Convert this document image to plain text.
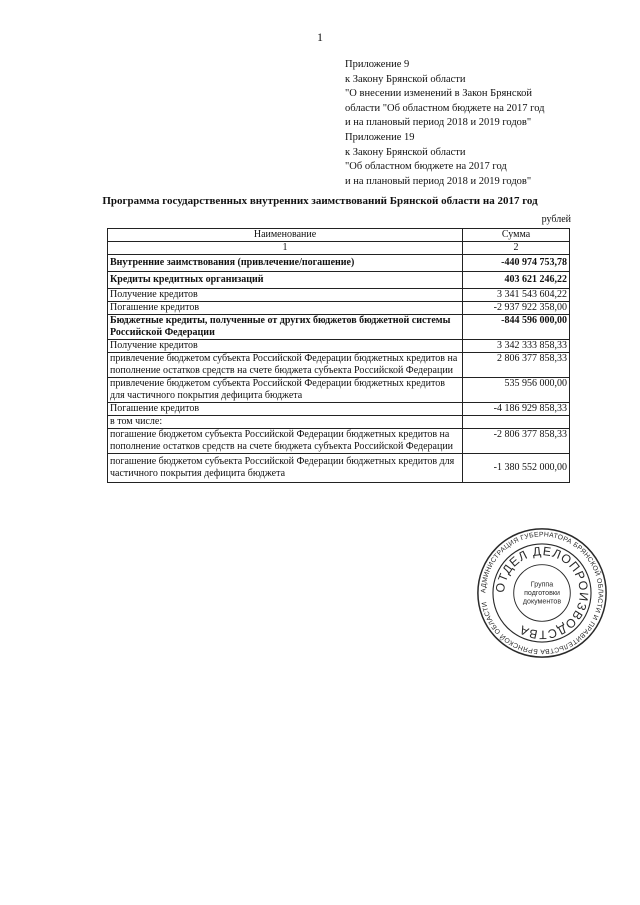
1
Приложение 9
к Закону Брянской области
"О внесении изменений в Закон Брянской
области "Об областном бюджете на 2017 год
и на плановый период 2018 и 2019 годов"
Приложение 19
к Закону Брянской области
"Об областном бюджете на 2017 год
и на плановый период 2018 и 2019 годов"
Программа государственных внутренних заимствований Брянской области на 2017 год
рублей
Наименование	Сумма
1	2
Внутренние заимствования (привлечение/погашение)	-440 974 753,78
Кредиты кредитных организаций	403 621 246,22
Получение кредитов	3 341 543 604,22
Погашение кредитов	-2 937 922 358,00
Бюджетные кредиты, полученные от других бюджетов бюджетной системы Российской Федерации	-844 596 000,00
Получение кредитов	3 342 333 858,33
привлечение бюджетом субъекта Российской Федерации бюджетных кредитов на пополнение остатков средств на счете бюджета субъекта Российской Федерации	2 806 377 858,33
привлечение бюджетом субъекта Российской Федерации бюджетных кредитов для частичного покрытия дефицита бюджета	535 956 000,00
Погашение кредитов	-4 186 929 858,33
в том числе:	
погашение бюджетом субъекта Российской Федерации бюджетных кредитов на пополнение остатков средств на счете бюджета субъекта Российской Федерации	-2 806 377 858,33
погашение бюджетом субъекта Российской Федерации бюджетных кредитов для частичного покрытия дефицита бюджета	-1 380 552 000,00
АДМИНИСТРАЦИЯ ГУБЕРНАТОРА БРЯНСКОЙ ОБЛАСТИ И ПРАВИТЕЛЬСТВА БРЯНСКОЙ ОБЛАСТИ
ОТДЕЛ ДЕЛОПРОИЗВОДСТВА
Группа
подготовки
документов
